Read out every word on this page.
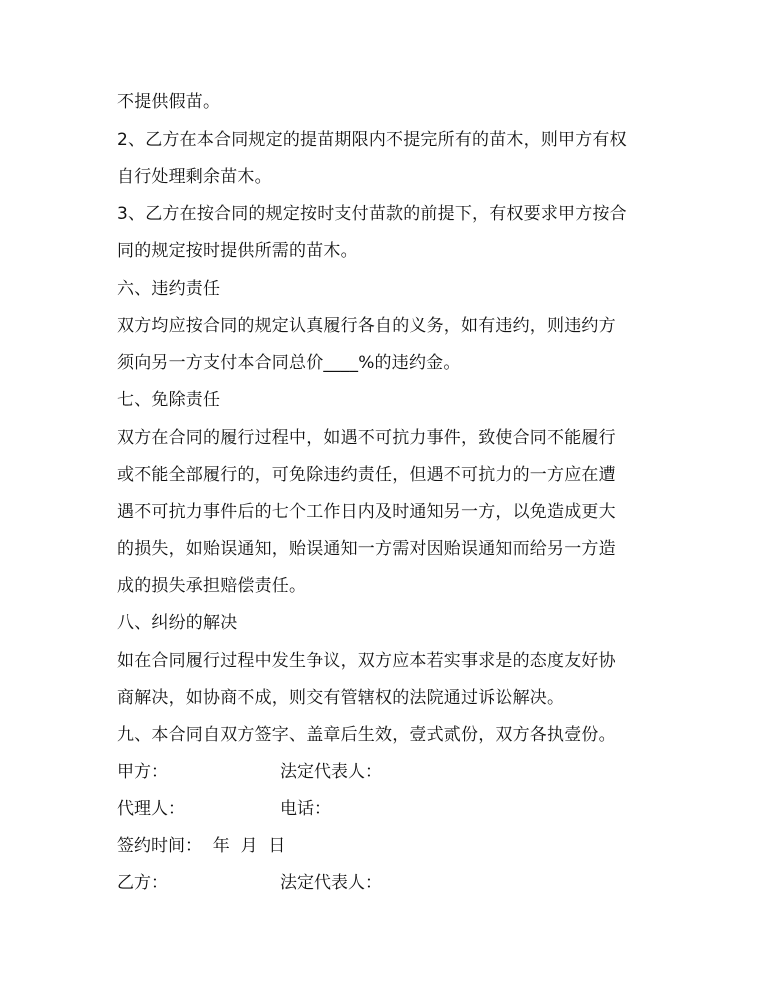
不提供假苗。
2、乙方在本合同规定的提苗期限内不提完所有的苗木，则甲方有权
自行处理剩余苗木。
3、乙方在按合同的规定按时支付苗款的前提下，有权要求甲方按合
同的规定按时提供所需的苗木。
六、违约责任
双方均应按合同的规定认真履行各自的义务，如有违约，则违约方
须向另一方支付本合同总价____%的违约金。
七、免除责任
双方在合同的履行过程中，如遇不可抗力事件，致使合同不能履行
或不能全部履行的，可免除违约责任，但遇不可抗力的一方应在遭
遇不可抗力事件后的七个工作日内及时通知另一方，以免造成更大
的损失，如贻误通知，贻误通知一方需对因贻误通知而给另一方造
成的损失承担赔偿责任。
八、纠纷的解决
如在合同履行过程中发生争议，双方应本若实事求是的态度友好协
商解决，如协商不成，则交有管辖权的法院通过诉讼解决。
九、本合同自双方签字、盖章后生效，壹式贰份，双方各执壹份。
甲方：	法定代表人：
代理人：	电话：
签约时间：  年  月  日
乙方：	法定代表人：
